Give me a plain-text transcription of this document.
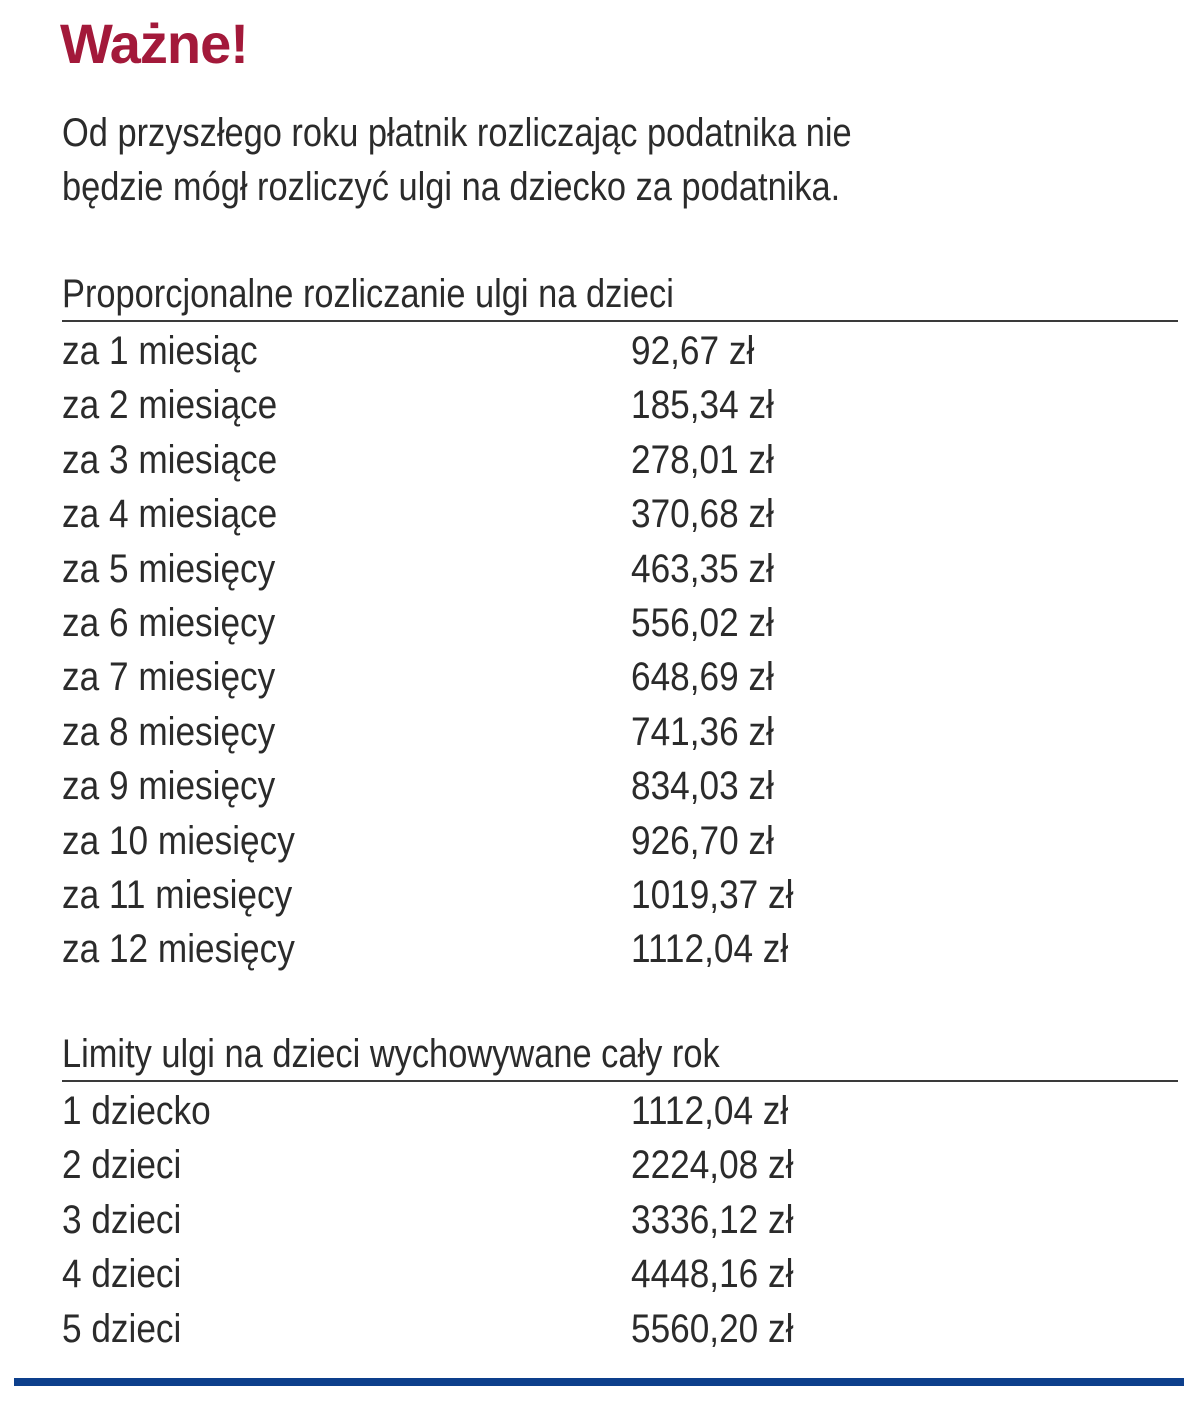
Ważne!
Od przyszłego roku płatnik rozliczając podatnika nie
będzie mógł rozliczyć ulgi na dziecko za podatnika.
Proporcjonalne rozliczanie ulgi na dzieci
za 1 miesiąc	92,67 zł
za 2 miesiące	185,34 zł
za 3 miesiące	278,01 zł
za 4 miesiące	370,68 zł
za 5 miesięcy	463,35 zł
za 6 miesięcy	556,02 zł
za 7 miesięcy	648,69 zł
za 8 miesięcy	741,36 zł
za 9 miesięcy	834,03 zł
za 10 miesięcy	926,70 zł
za 11 miesięcy	1019,37 zł
za 12 miesięcy	1112,04 zł
Limity ulgi na dzieci wychowywane cały rok
1 dziecko	1112,04 zł
2 dzieci	2224,08 zł
3 dzieci	3336,12 zł
4 dzieci	4448,16 zł
5 dzieci	5560,20 zł
